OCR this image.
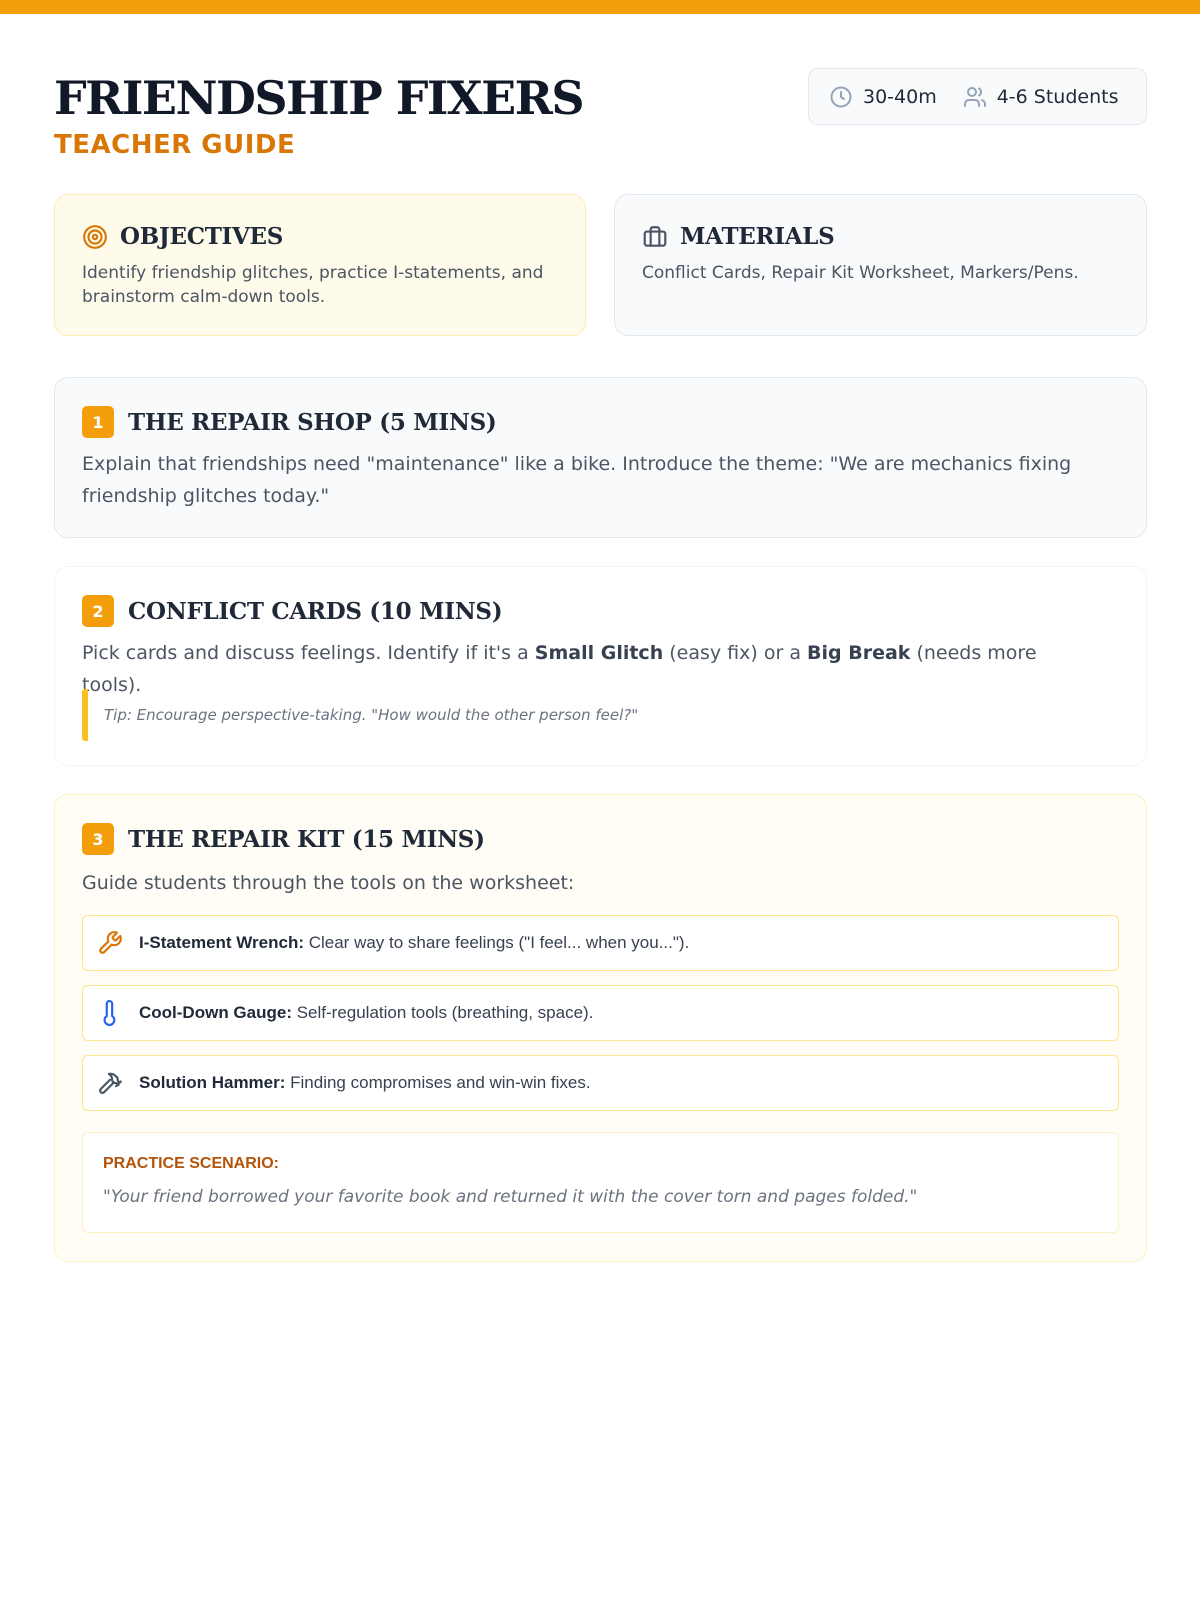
FRIENDSHIP FIXERS
TEACHER GUIDE
30-40m	4-6 Students
OBJECTIVES
Identify friendship glitches, practice I-statements, and brainstorm calm-down tools.
MATERIALS
Conflict Cards, Repair Kit Worksheet, Markers/Pens.
1	THE REPAIR SHOP (5 MINS)
Explain that friendships need "maintenance" like a bike. Introduce the theme: "We are mechanics fixing friendship glitches today."
2	CONFLICT CARDS (10 MINS)
Pick cards and discuss feelings. Identify if it's a Small Glitch (easy fix) or a Big Break (needs more tools).
Tip: Encourage perspective-taking. "How would the other person feel?"
3	THE REPAIR KIT (15 MINS)
Guide students through the tools on the worksheet:
I-Statement Wrench: Clear way to share feelings ("I feel... when you...").
Cool-Down Gauge: Self-regulation tools (breathing, space).
Solution Hammer: Finding compromises and win-win fixes.
PRACTICE SCENARIO:
"Your friend borrowed your favorite book and returned it with the cover torn and pages folded."
